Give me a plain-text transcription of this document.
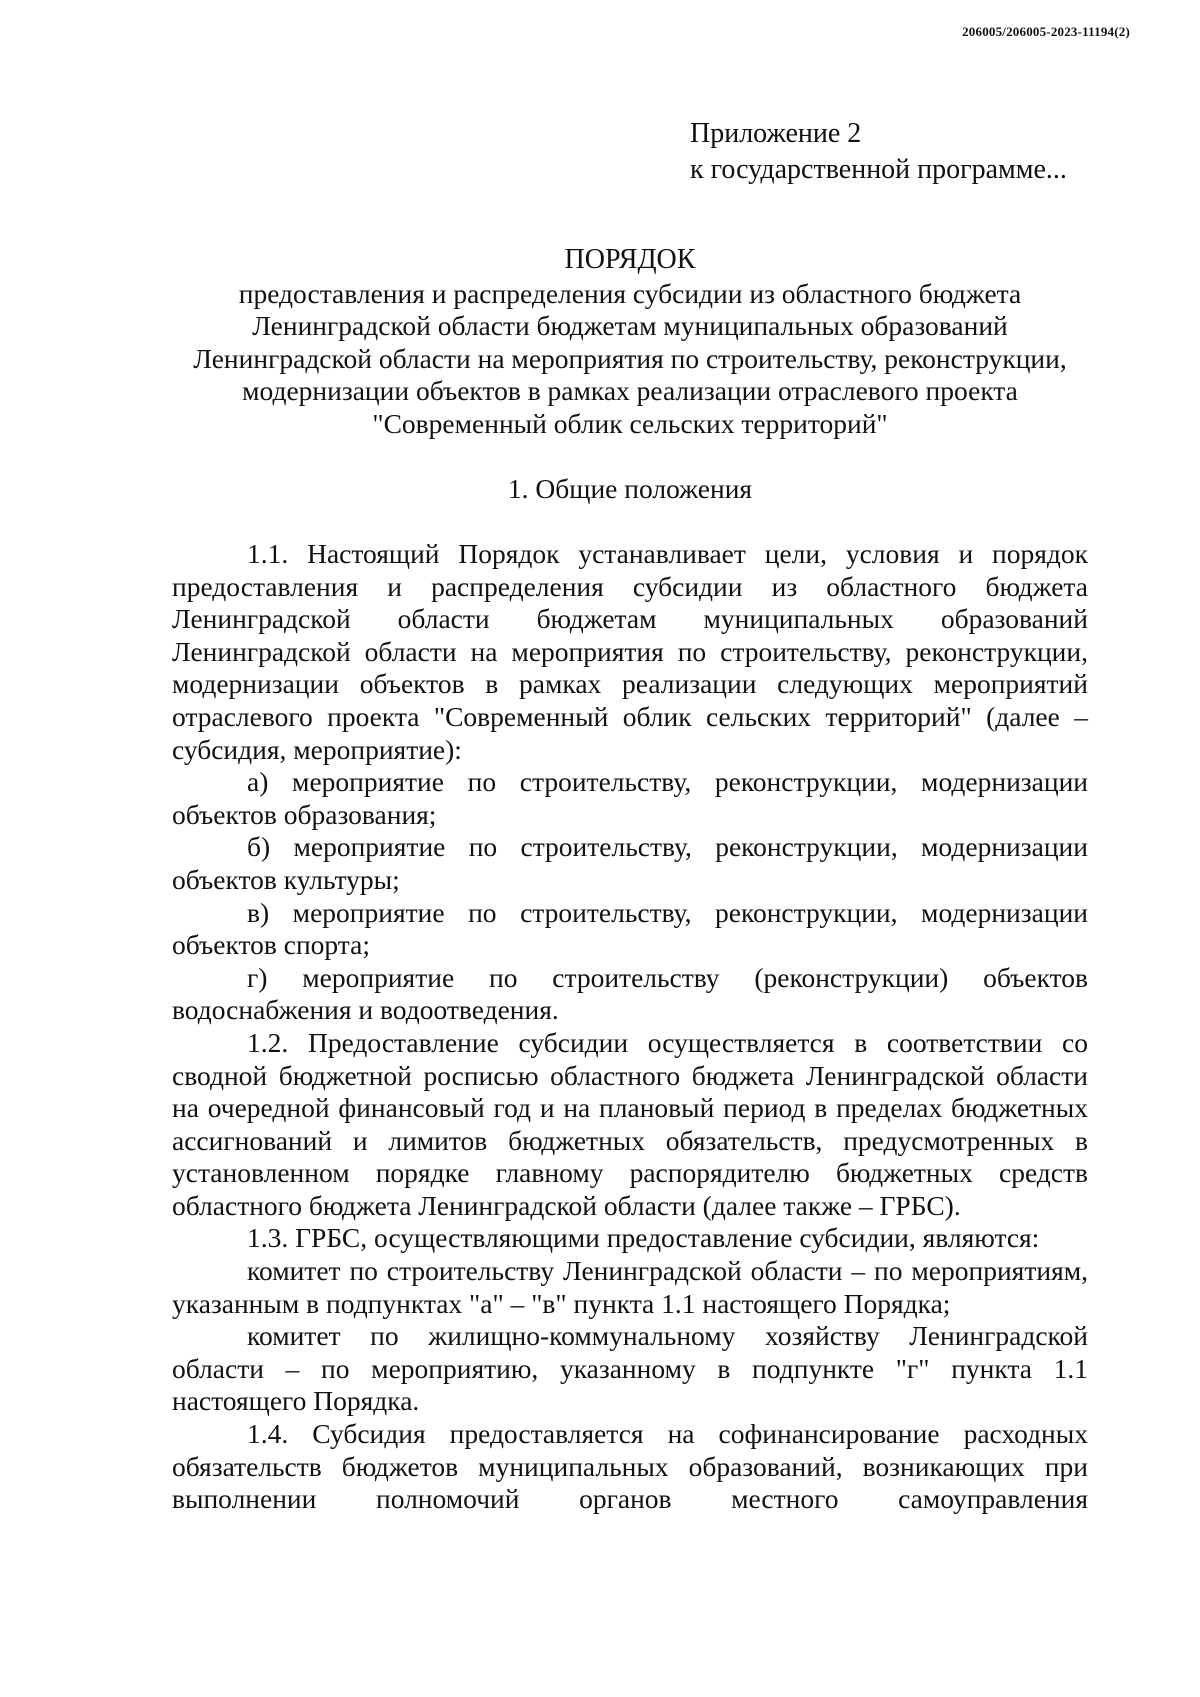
206005/206005-2023-11194(2)
Приложение 2
к государственной программе...
ПОРЯДОК
предоставления и распределения субсидии из областного бюджета
Ленинградской области бюджетам муниципальных образований
Ленинградской области на мероприятия по строительству, реконструкции,
модернизации объектов в рамках реализации отраслевого проекта
"Современный облик сельских территорий"
1. Общие положения

1.1. Настоящий Порядок устанавливает цели, условия и порядок предоставления и распределения субсидии из областного бюджета Ленинградской области бюджетам муниципальных образований Ленинградской области на мероприятия по строительству, реконструкции, модернизации объектов в рамках реализации следующих мероприятий отраслевого проекта "Современный облик сельских территорий" (далее – субсидия, мероприятие):

а) мероприятие по строительству, реконструкции, модернизации объектов образования;

б) мероприятие по строительству, реконструкции, модернизации объектов культуры;

в) мероприятие по строительству, реконструкции, модернизации объектов спорта;

г) мероприятие по строительству (реконструкции) объектов водоснабжения и водоотведения.

1.2. Предоставление субсидии осуществляется в соответствии со сводной бюджетной росписью областного бюджета Ленинградской области на очередной финансовый год и на плановый период в пределах бюджетных ассигнований и лимитов бюджетных обязательств, предусмотренных в установленном порядке главному распорядителю бюджетных средств областного бюджета Ленинградской области (далее также – ГРБС).

1.3. ГРБС, осуществляющими предоставление субсидии, являются:

комитет по строительству Ленинградской области – по мероприятиям, указанным в подпунктах "а" – "в" пункта 1.1 настоящего Порядка;

комитет по жилищно-коммунальному хозяйству Ленинградской области – по мероприятию, указанному в подпункте "г" пункта 1.1 настоящего Порядка.

1.4. Субсидия предоставляется на софинансирование расходных обязательств бюджетов муниципальных образований, возникающих при выполнении полномочий органов местного самоуправления
